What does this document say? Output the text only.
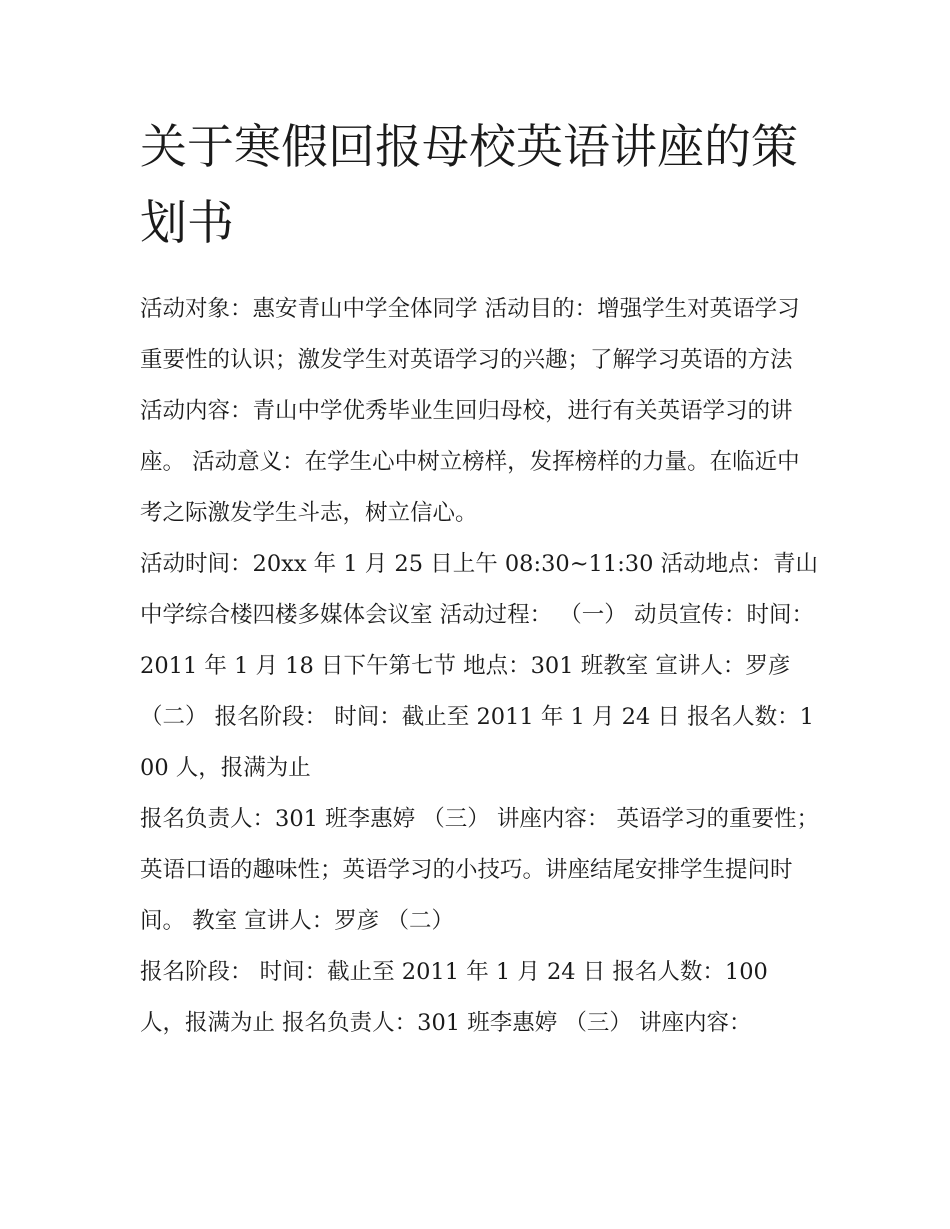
关于寒假回报母校英语讲座的策划书

活动对象：惠安青山中学全体同学 活动目的：增强学生对英语学习重要性的认识；激发学生对英语学习的兴趣；了解学习英语的方法

活动内容：青山中学优秀毕业生回归母校，进行有关英语学习的讲座。 活动意义：在学生心中树立榜样，发挥榜样的力量。在临近中考之际激发学生斗志，树立信心。

活动时间：20xx 年 1 月 25 日上午 08:30~11:30 活动地点：青山中学综合楼四楼多媒体会议室 活动过程： （一） 动员宣传：时间：2011 年 1 月 18 日下午第七节 地点：301 班教室 宣讲人：罗彦 （二） 报名阶段： 时间：截止至 2011 年 1 月 24 日 报名人数：100 人，报满为止

报名负责人：301 班李惠婷 （三） 讲座内容： 英语学习的重要性；英语口语的趣味性；英语学习的小技巧。讲座结尾安排学生提问时间。 教室 宣讲人：罗彦 （二）

报名阶段： 时间：截止至 2011 年 1 月 24 日 报名人数：100 人，报满为止 报名负责人：301 班李惠婷 （三） 讲座内容：
